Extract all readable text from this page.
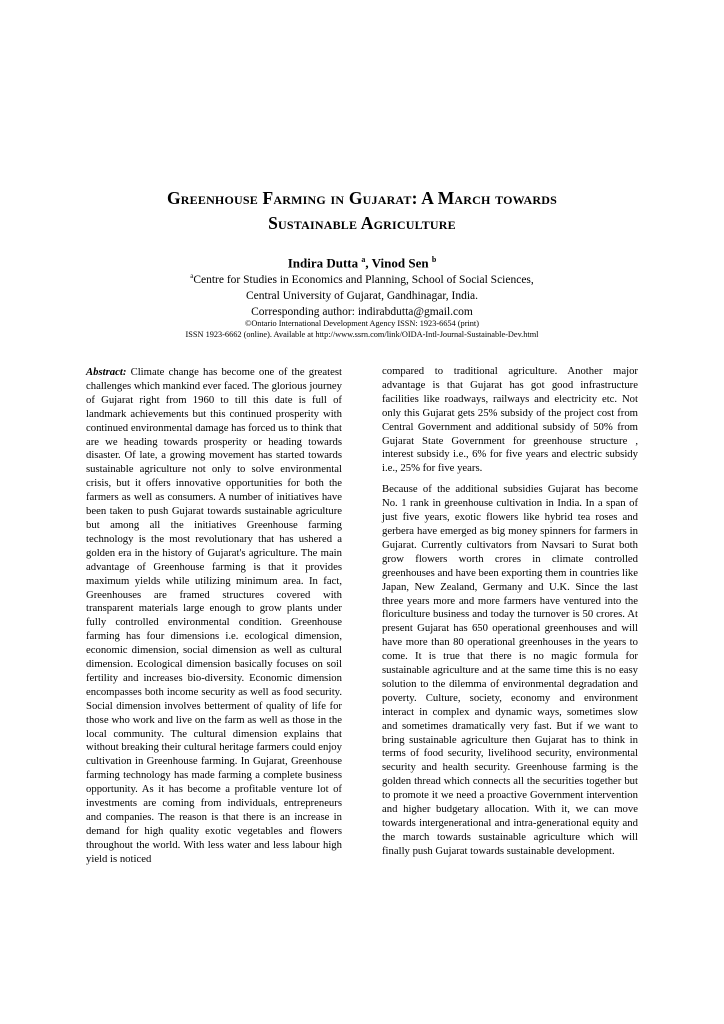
Greenhouse Farming in Gujarat: A March towards
Sustainable Agriculture
Indira Dutta $^a$, Vinod Sen $^b$
$^a$Centre for Studies in Economics and Planning, School of Social Sciences,
Central University of Gujarat, Gandhinagar, India.
Corresponding author: indirabdutta@gmail.com
©Ontario International Development Agency ISSN: 1923-6654 (print)
ISSN 1923-6662 (online). Available at http://www.ssrn.com/link/OIDA-Intl-Journal-Sustainable-Dev.html

Abstract: Climate change has become one of the greatest challenges which mankind ever faced. The glorious journey of Gujarat right from 1960 to till this date is full of landmark achievements but this continued prosperity with continued environmental damage has forced us to think that are we heading towards prosperity or heading towards disaster. Of late, a growing movement has started towards sustainable agriculture not only to solve environmental crisis, but it offers innovative opportunities for both the farmers as well as consumers. A number of initiatives have been taken to push Gujarat towards sustainable agriculture but among all the initiatives Greenhouse farming technology is the most revolutionary that has ushered a golden era in the history of Gujarat's agriculture. The main advantage of Greenhouse farming is that it provides maximum yields while utilizing minimum area. In fact, Greenhouses are framed structures covered with transparent materials large enough to grow plants under fully controlled environmental condition. Greenhouse farming has four dimensions i.e. ecological dimension, economic dimension, social dimension as well as cultural dimension. Ecological dimension basically focuses on soil fertility and increases bio-diversity. Economic dimension encompasses both income security as well as food security. Social dimension involves betterment of quality of life for those who work and live on the farm as well as those in the local community. The cultural dimension explains that without breaking their cultural heritage farmers could enjoy cultivation in Greenhouse farming. In Gujarat, Greenhouse farming technology has made farming a complete business opportunity. As it has become a profitable venture lot of investments are coming from individuals, entrepreneurs and companies. The reason is that there is an increase in demand for high quality exotic vegetables and flowers throughout the world. With less water and less labour high yield is noticed

compared to traditional agriculture. Another major advantage is that Gujarat has got good infrastructure facilities like roadways, railways and electricity etc. Not only this Gujarat gets 25% subsidy of the project cost from Central Government and additional subsidy of 50% from Gujarat State Government for greenhouse structure , interest subsidy i.e., 6% for five years and electric subsidy i.e., 25% for five years.

Because of the additional subsidies Gujarat has become No. 1 rank in greenhouse cultivation in India. In a span of just five years, exotic flowers like hybrid tea roses and gerbera have emerged as big money spinners for farmers in Gujarat. Currently cultivators from Navsari to Surat both grow flowers worth crores in climate controlled greenhouses and have been exporting them in countries like Japan, New Zealand, Germany and U.K. Since the last three years more and more farmers have ventured into the floriculture business and today the turnover is 50 crores. At present Gujarat has 650 operational greenhouses and will have more than 80 operational greenhouses in the years to come. It is true that there is no magic formula for sustainable agriculture and at the same time this is no easy solution to the dilemma of environmental degradation and poverty. Culture, society, economy and environment interact in complex and dynamic ways, sometimes slow and sometimes dramatically very fast. But if we want to bring sustainable agriculture then Gujarat has to think in terms of food security, livelihood security, environmental security and health security. Greenhouse farming is the golden thread which connects all the securities together but to promote it we need a proactive Government intervention and higher budgetary allocation. With it, we can move towards intergenerational and intra-generational equity and the march towards sustainable agriculture which will finally push Gujarat towards sustainable development.
